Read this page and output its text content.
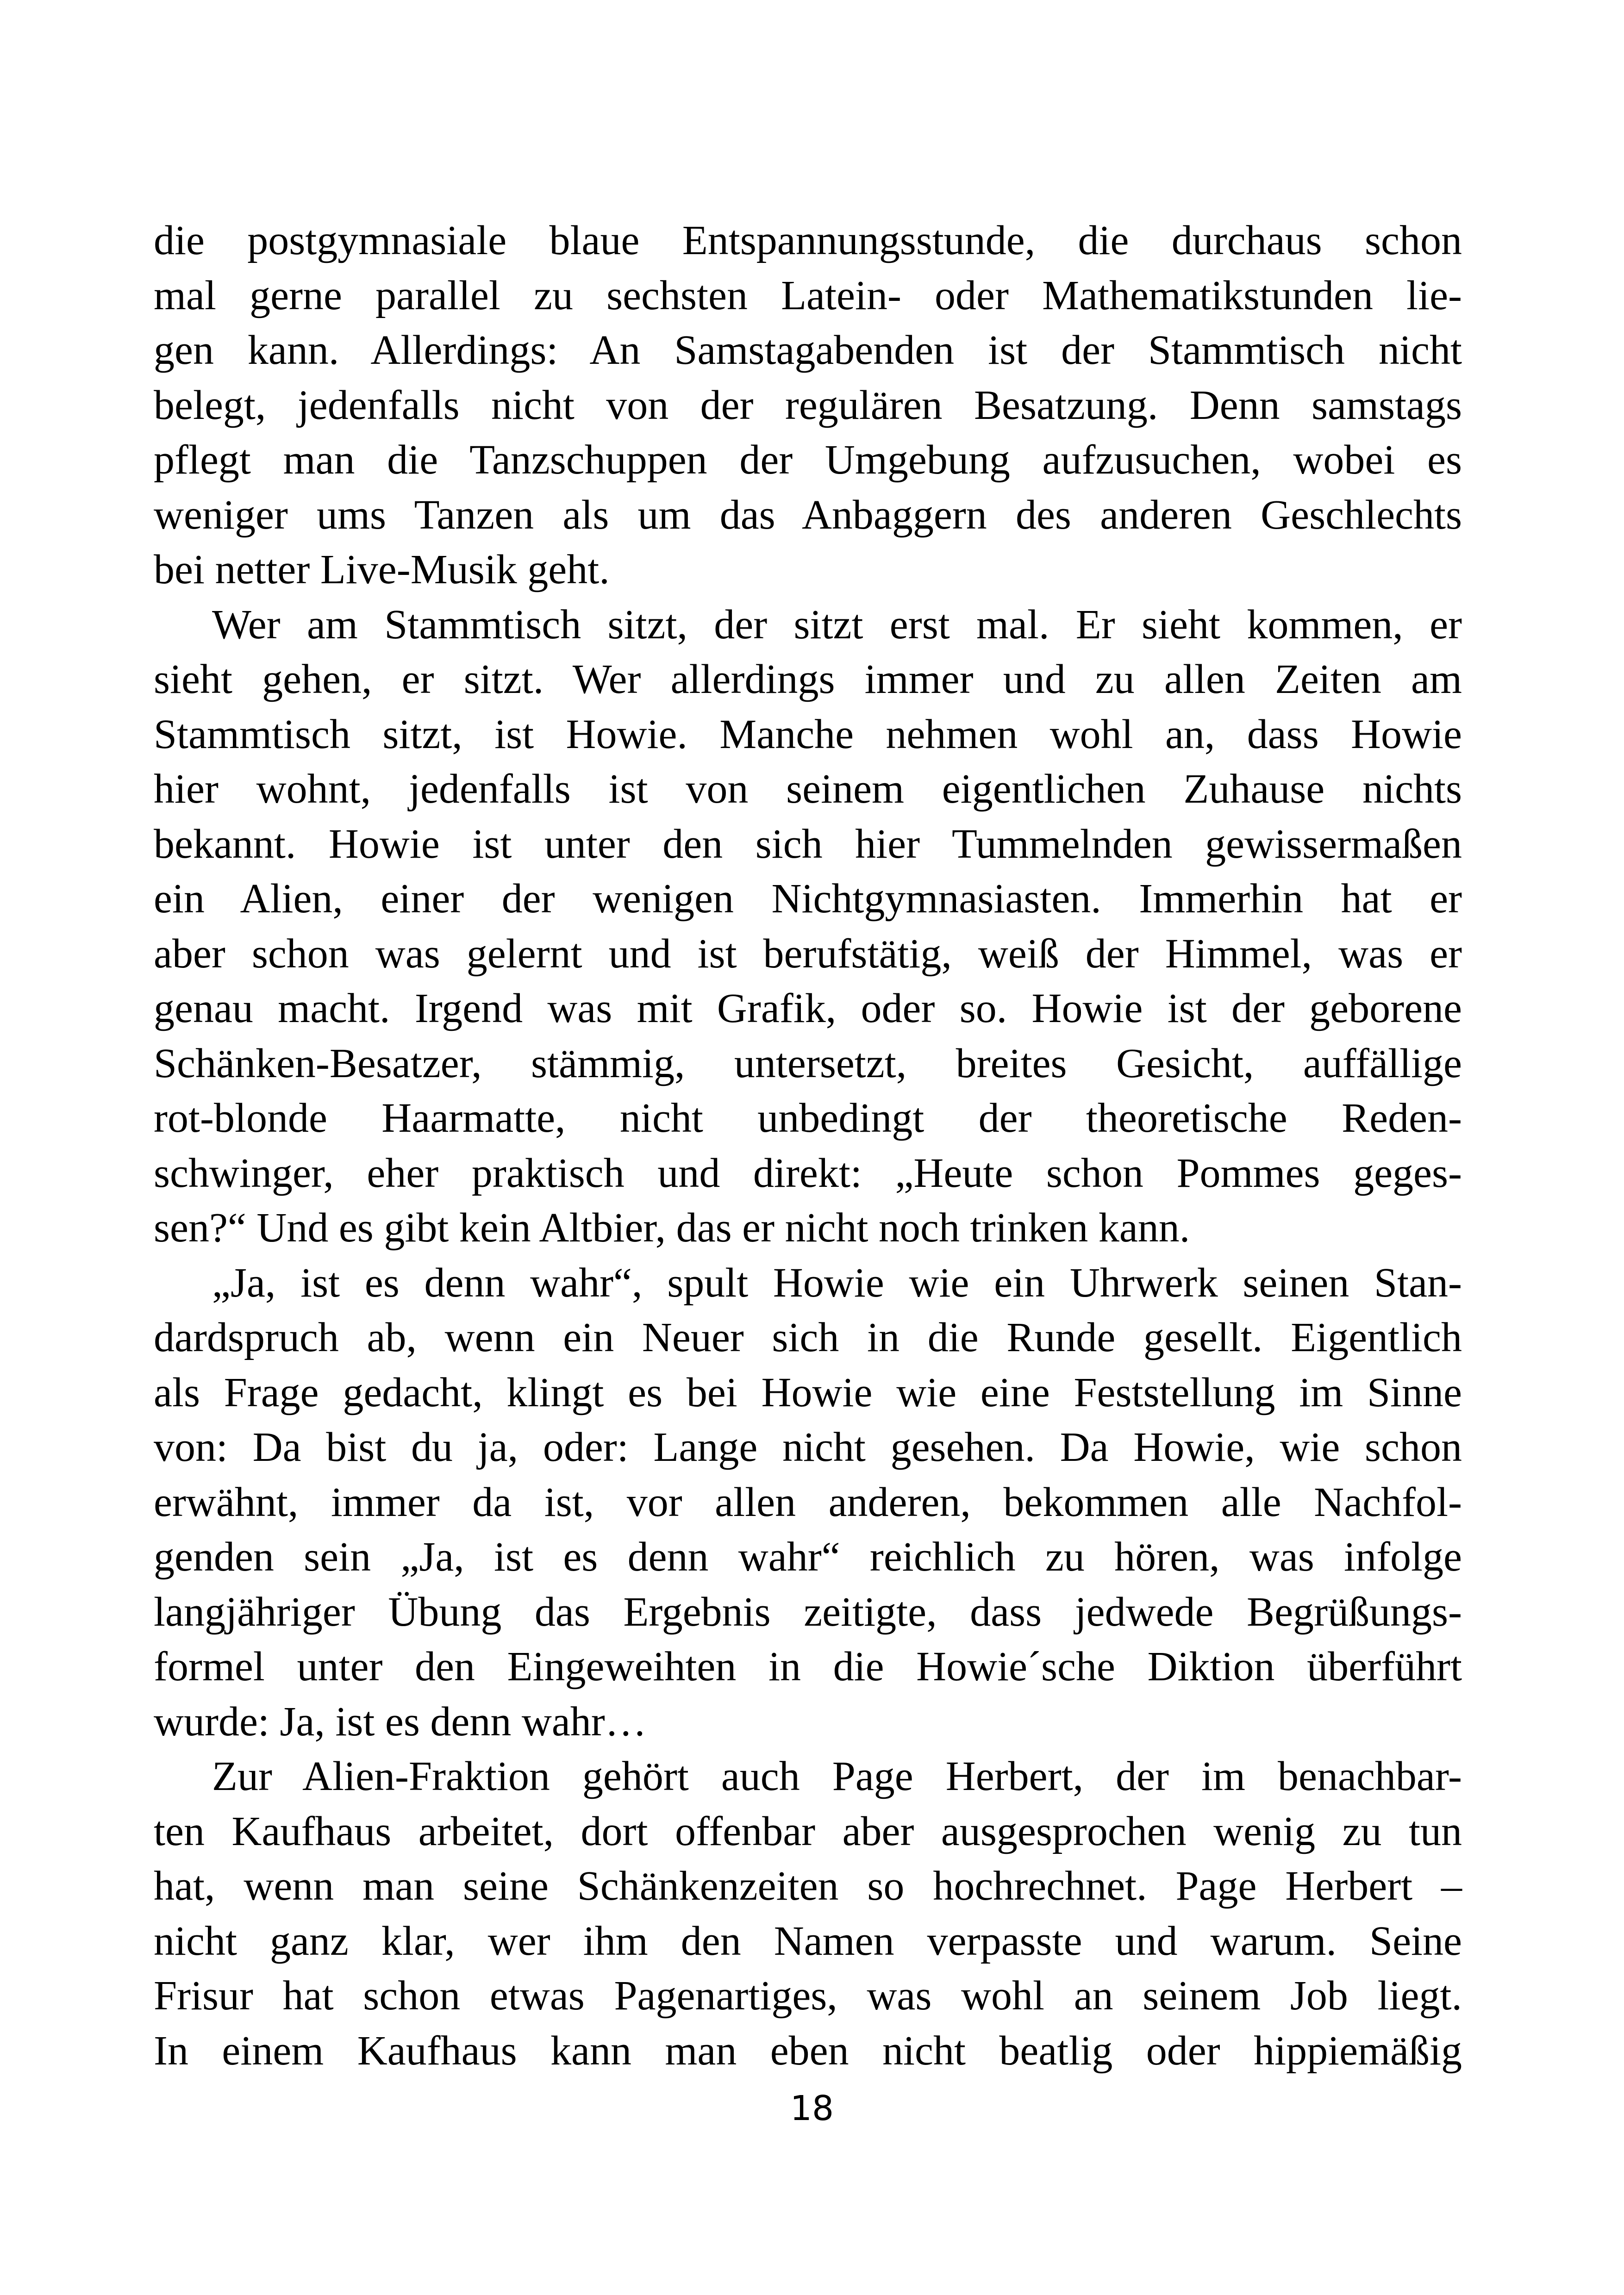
die postgymnasiale blaue Entspannungsstunde, die durchaus schon
mal gerne parallel zu sechsten Latein- oder Mathematikstunden lie-
gen kann. Allerdings: An Samstagabenden ist der Stammtisch nicht
belegt, jedenfalls nicht von der regulären Besatzung. Denn samstags
pflegt man die Tanzschuppen der Umgebung aufzusuchen, wobei es
weniger ums Tanzen als um das Anbaggern des anderen Geschlechts
bei netter Live-Musik geht.
Wer am Stammtisch sitzt, der sitzt erst mal. Er sieht kommen, er
sieht gehen, er sitzt. Wer allerdings immer und zu allen Zeiten am
Stammtisch sitzt, ist Howie. Manche nehmen wohl an, dass Howie
hier wohnt, jedenfalls ist von seinem eigentlichen Zuhause nichts
bekannt. Howie ist unter den sich hier Tummelnden gewissermaßen
ein Alien, einer der wenigen Nichtgymnasiasten. Immerhin hat er
aber schon was gelernt und ist berufstätig, weiß der Himmel, was er
genau macht. Irgend was mit Grafik, oder so. Howie ist der geborene
Schänken-Besatzer, stämmig, untersetzt, breites Gesicht, auffällige
rot-blonde Haarmatte, nicht unbedingt der theoretische Reden-
schwinger, eher praktisch und direkt: „Heute schon Pommes geges-
sen?“ Und es gibt kein Altbier, das er nicht noch trinken kann.
„Ja, ist es denn wahr“, spult Howie wie ein Uhrwerk seinen Stan-
dardspruch ab, wenn ein Neuer sich in die Runde gesellt. Eigentlich
als Frage gedacht, klingt es bei Howie wie eine Feststellung im Sinne
von: Da bist du ja, oder: Lange nicht gesehen. Da Howie, wie schon
erwähnt, immer da ist, vor allen anderen, bekommen alle Nachfol-
genden sein „Ja, ist es denn wahr“ reichlich zu hören, was infolge
langjähriger Übung das Ergebnis zeitigte, dass jedwede Begrüßungs-
formel unter den Eingeweihten in die Howie´sche Diktion überführt
wurde: Ja, ist es denn wahr…
Zur Alien-Fraktion gehört auch Page Herbert, der im benachbar-
ten Kaufhaus arbeitet, dort offenbar aber ausgesprochen wenig zu tun
hat, wenn man seine Schänkenzeiten so hochrechnet. Page Herbert –
nicht ganz klar, wer ihm den Namen verpasste und warum. Seine
Frisur hat schon etwas Pagenartiges, was wohl an seinem Job liegt.
In einem Kaufhaus kann man eben nicht beatlig oder hippiemäßig
18
